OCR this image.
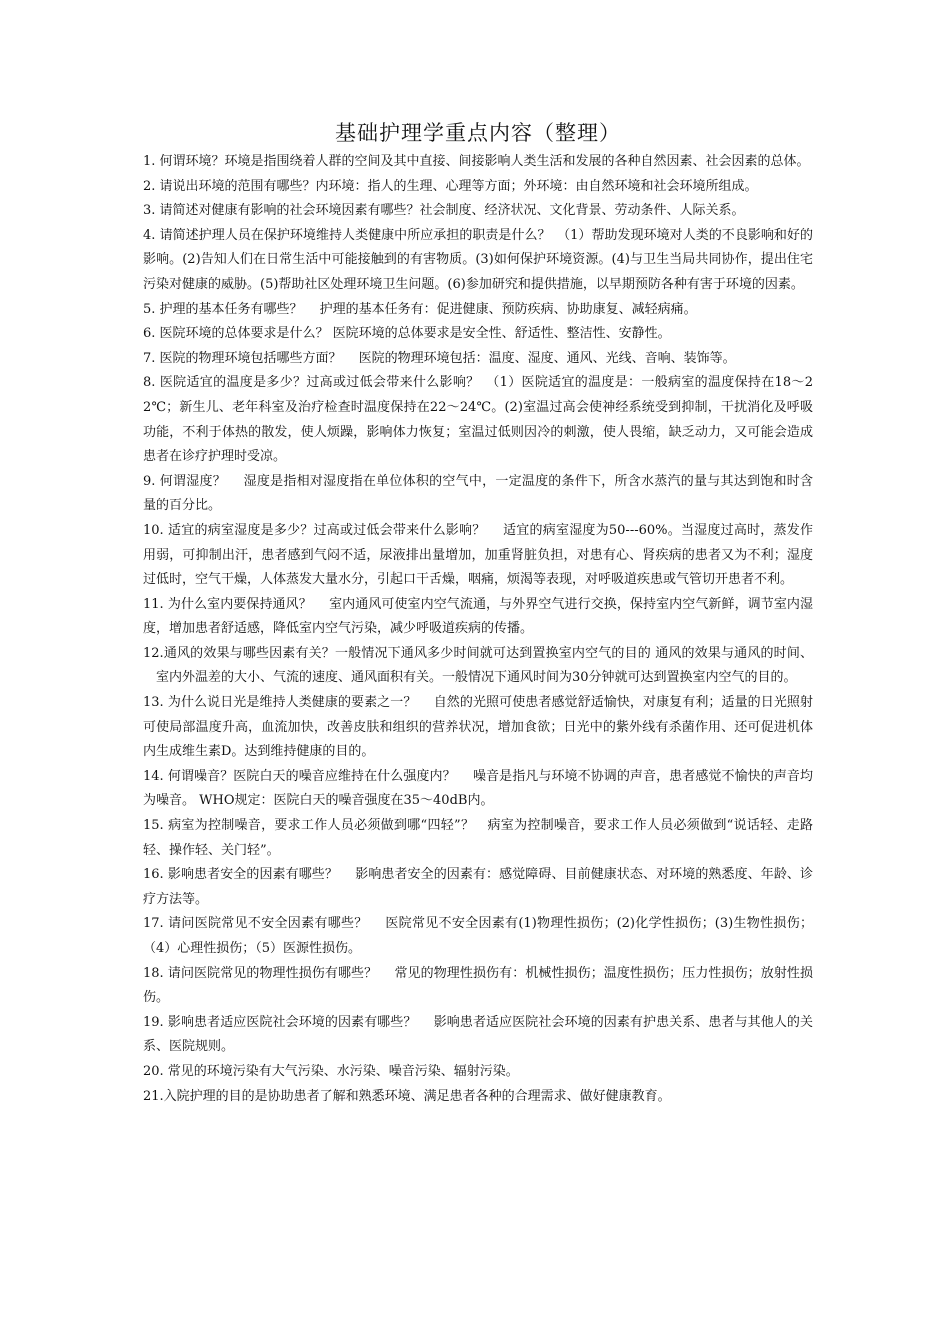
基础护理学重点内容（整理）

1. 何谓环境？环境是指围绕着人群的空间及其中直接、间接影响人类生活和发展的各种自然因素、社会因素的总体。

2. 请说出环境的范围有哪些？内环境：指人的生理、心理等方面；外环境：由自然环境和社会环境所组成。

3. 请简述对健康有影响的社会环境因素有哪些？社会制度、经济状况、文化背景、劳动条件、人际关系。

4. 请简述护理人员在保护环境维持人类健康中所应承担的职责是什么？　（1）帮助发现环境对人类的不良影响和好的影响。(2)告知人们在日常生活中可能接触到的有害物质。(3)如何保护环境资源。(4)与卫生当局共同协作，提出住宅污染对健康的威胁。(5)帮助社区处理环境卫生问题。(6)参加研究和提供措施，以早期预防各种有害于环境的因素。

5. 护理的基本任务有哪些？　 护理的基本任务有：促进健康、预防疾病、协助康复、减轻病痛。

6. 医院环境的总体要求是什么？ 医院环境的总体要求是安全性、舒适性、整洁性、安静性。

7. 医院的物理环境包括哪些方面？　 医院的物理环境包括：温度、湿度、通风、光线、音响、装饰等。

8. 医院适宜的温度是多少？过高或过低会带来什么影响？　（1）医院适宜的温度是：一般病室的温度保持在18～22℃；新生儿、老年科室及治疗检查时温度保持在22～24℃。(2)室温过高会使神经系统受到抑制，干扰消化及呼吸功能，不利于体热的散发，使人烦躁，影响体力恢复；室温过低则因冷的刺激，使人畏缩，缺乏动力，又可能会造成患者在诊疗护理时受凉。

9. 何谓湿度？　 湿度是指相对湿度指在单位体积的空气中，一定温度的条件下，所含水蒸汽的量与其达到饱和时含量的百分比。

10. 适宜的病室湿度是多少？过高或过低会带来什么影响？　 适宜的病室湿度为50---60%。当湿度过高时，蒸发作用弱，可抑制出汗，患者感到气闷不适，尿液排出量增加，加重肾脏负担，对患有心、肾疾病的患者又为不利；湿度过低时，空气干燥，人体蒸发大量水分，引起口干舌燥，咽痛，烦渴等表现，对呼吸道疾患或气管切开患者不利。

11. 为什么室内要保持通风？　 室内通风可使室内空气流通，与外界空气进行交换，保持室内空气新鲜，调节室内湿度，增加患者舒适感，降低室内空气污染，减少呼吸道疾病的传播。

12.通风的效果与哪些因素有关？一般情况下通风多少时间就可达到置换室内空气的目的 通风的效果与通风的时间、室内外温差的大小、气流的速度、通风面积有关。一般情况下通风时间为30分钟就可达到置换室内空气的目的。

13. 为什么说日光是维持人类健康的要素之一？　 自然的光照可使患者感觉舒适愉快，对康复有利；适量的日光照射可使局部温度升高，血流加快，改善皮肤和组织的营养状况，增加食欲；日光中的紫外线有杀菌作用、还可促进机体内生成维生素D。达到维持健康的目的。

14. 何谓噪音？医院白天的噪音应维持在什么强度内？　 噪音是指凡与环境不协调的声音，患者感觉不愉快的声音均为噪音。 WHO规定：医院白天的噪音强度在35～40dB内。

15. 病室为控制噪音，要求工作人员必须做到哪“四轻”？　病室为控制噪音，要求工作人员必须做到“说话轻、走路轻、操作轻、关门轻”。

16. 影响患者安全的因素有哪些？　 影响患者安全的因素有：感觉障碍、目前健康状态、对环境的熟悉度、年龄、诊疗方法等。

17. 请问医院常见不安全因素有哪些？　 医院常见不安全因素有(1)物理性损伤；(2)化学性损伤；(3)生物性损伤；（4）心理性损伤；（5）医源性损伤。

18. 请问医院常见的物理性损伤有哪些？　 常见的物理性损伤有：机械性损伤；温度性损伤；压力性损伤；放射性损伤。

19. 影响患者适应医院社会环境的因素有哪些？　 影响患者适应医院社会环境的因素有护患关系、患者与其他人的关系、医院规则。

20. 常见的环境污染有大气污染、水污染、噪音污染、辐射污染。

21.入院护理的目的是协助患者了解和熟悉环境、满足患者各种的合理需求、做好健康教育。
